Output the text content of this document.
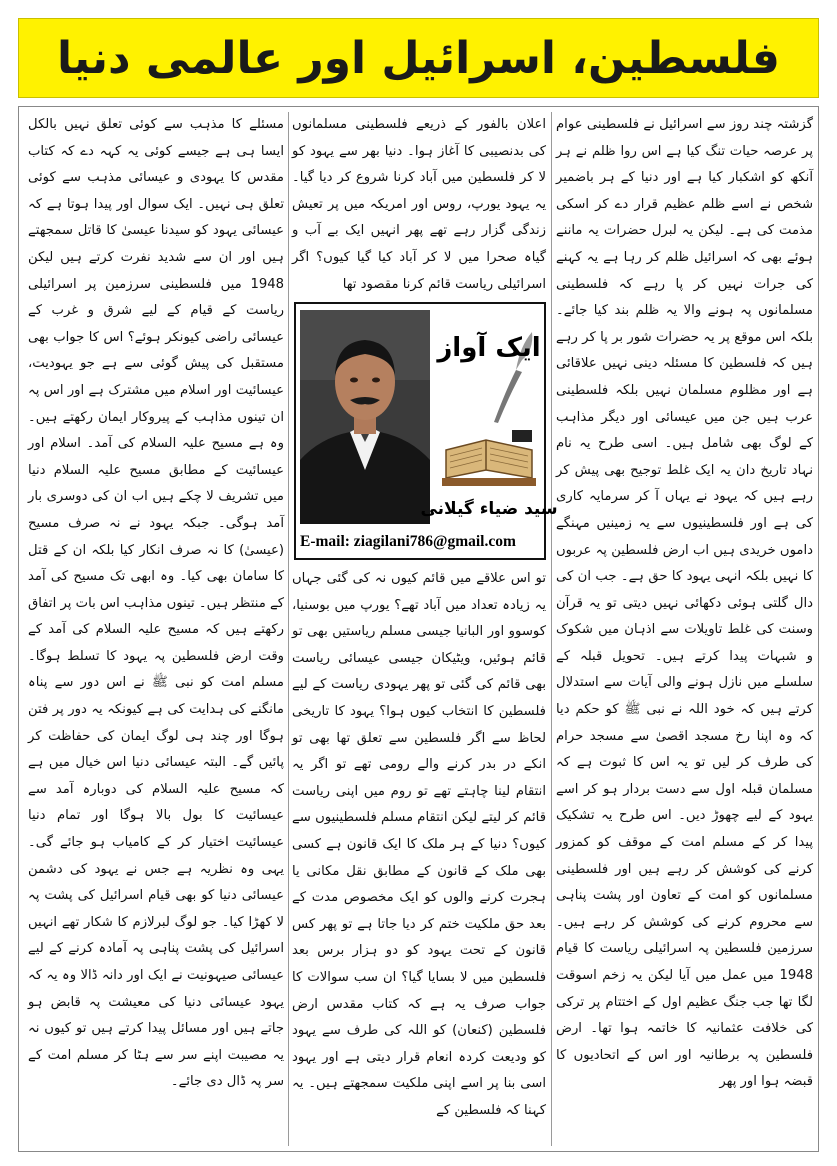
فلسطین، اسرائیل اور عالمی دنیا

گزشتہ چند روز سے اسرائیل نے فلسطینی عوام پر عرصہ حیات تنگ کیا ہے اس روا ظلم نے ہر آنکھ کو اشکبار کیا ہے اور دنیا کے ہر باضمیر شخص نے اسے ظلم عظیم قرار دے کر اسکی مذمت کی ہے۔ لیکن یہ لبرل حضرات یہ ماننے ہوئے بھی کہ اسرائیل ظلم کر رہا ہے یہ کہنے کی جرات نہیں کر پا رہے کہ فلسطینی مسلمانوں پہ ہونے والا یہ ظلم بند کیا جائے۔ بلکہ اس موقع پر یہ حضرات شور بر پا کر رہے ہیں کہ فلسطین کا مسئلہ دینی نہیں علاقائی ہے اور مظلوم مسلمان نہیں بلکہ فلسطینی عرب ہیں جن میں عیسائی اور دیگر مذاہب کے لوگ بھی شامل ہیں۔ اسی طرح یہ نام نہاد تاریخ دان یہ ایک غلط توجیح بھی پیش کر رہے ہیں کہ یہود نے یہاں آ کر سرمایہ کاری کی ہے اور فلسطینیوں سے یہ زمینیں مہنگے داموں خریدی ہیں اب ارض فلسطین پہ عربوں کا نہیں بلکہ انہی یہود کا حق ہے۔ جب ان کی دال گلتی ہوئی دکھائی نہیں دیتی تو یہ قرآن وسنت کی غلط تاویلات سے اذہان میں شکوک و شبہات پیدا کرتے ہیں۔ تحویل قبلہ کے سلسلے میں نازل ہونے والی آیات سے استدلال کرتے ہیں کہ خود اللہ نے نبی ﷺ کو حکم دیا کہ وہ اپنا رخ مسجد اقصیٰ سے مسجد حرام کی طرف کر لیں تو یہ اس کا ثبوت ہے کہ مسلمان قبلہ اول سے دست بردار ہو کر اسے یہود کے لیے چھوڑ دیں۔ اس طرح یہ تشکیک پیدا کر کے مسلم امت کے موقف کو کمزور کرنے کی کوشش کر رہے ہیں اور فلسطینی مسلمانوں کو امت کے تعاون اور پشت پناہی سے محروم کرنے کی کوشش کر رہے ہیں۔ سرزمین فلسطین پہ اسرائیلی ریاست کا قیام 1948 میں عمل میں آیا لیکن یہ زخم اسوقت لگا تھا جب جنگ عظیم اول کے اختتام پر ترکی کی خلافت عثمانیہ کا خاتمہ ہوا تھا۔ ارض فلسطین پہ برطانیہ اور اس کے اتحادیوں کا قبضہ ہوا اور پھر

اعلان بالفور کے ذریعے فلسطینی مسلمانوں کی بدنصیبی کا آغاز ہوا۔ دنیا بھر سے یہود کو لا کر فلسطین میں آباد کرنا شروع کر دیا گیا۔ یہ یہود یورپ، روس اور امریکہ میں پر تعیش زندگی گزار رہے تھے پھر انہیں ایک بے آب و گیاہ صحرا میں لا کر آباد کیا گیا کیوں؟ اگر اسرائیلی ریاست قائم کرنا مقصود تھا

ایک آواز
سید ضیاء گیلانی
E-mail: ziagilani786@gmail.com

تو اس علاقے میں قائم کیوں نہ کی گئی جہاں یہ زیادہ تعداد میں آباد تھے؟ یورپ میں بوسنیا، کوسوو اور البانیا جیسی مسلم ریاستیں بھی تو قائم ہوئیں، ویٹیکان جیسی عیسائی ریاست بھی قائم کی گئی تو پھر یہودی ریاست کے لیے فلسطین کا انتخاب کیوں ہوا؟ یہود کا تاریخی لحاظ سے اگر فلسطین سے تعلق تھا بھی تو انکے در بدر کرنے والے رومی تھے تو اگر یہ انتقام لینا چاہتے تھے تو روم میں اپنی ریاست قائم کر لیتے لیکن انتقام مسلم فلسطینیوں سے کیوں؟ دنیا کے ہر ملک کا ایک قانون ہے کسی بھی ملک کے قانون کے مطابق نقل مکانی یا ہجرت کرنے والوں کو ایک مخصوص مدت کے بعد حق ملکیت ختم کر دیا جاتا ہے تو پھر کس قانون کے تحت یہود کو دو ہزار برس بعد فلسطین میں لا بسایا گیا؟ ان سب سوالات کا جواب صرف یہ ہے کہ کتاب مقدس ارض فلسطین (کنعان) کو اللہ کی طرف سے یہود کو ودیعت کردہ انعام قرار دیتی ہے اور یہود اسی بنا پر اسے اپنی ملکیت سمجھتے ہیں۔ یہ کہنا کہ فلسطین کے

مسئلے کا مذہب سے کوئی تعلق نہیں بالکل ایسا ہی ہے جیسے کوئی یہ کہہ دے کہ کتاب مقدس کا یہودی و عیسائی مذہب سے کوئی تعلق ہی نہیں۔ ایک سوال اور پیدا ہوتا ہے کہ عیسائی یہود کو سیدنا عیسیٰ کا قاتل سمجھتے ہیں اور ان سے شدید نفرت کرتے ہیں لیکن 1948 میں فلسطینی سرزمین پر اسرائیلی ریاست کے قیام کے لیے شرق و غرب کے عیسائی راضی کیونکر ہوئے؟ اس کا جواب بھی مستقبل کی پیش گوئی سے ہے جو یہودیت، عیسائیت اور اسلام میں مشترک ہے اور اس پہ ان تینوں مذاہب کے پیروکار ایمان رکھتے ہیں۔ وہ ہے مسیح علیہ السلام کی آمد۔ اسلام اور عیسائیت کے مطابق مسیح علیہ السلام دنیا میں تشریف لا چکے ہیں اب ان کی دوسری بار آمد ہوگی۔ جبکہ یہود نے نہ صرف مسیح (عیسیٰ) کا نہ صرف انکار کیا بلکہ ان کے قتل کا سامان بھی کیا۔ وہ ابھی تک مسیح کی آمد کے منتظر ہیں۔ تینوں مذاہب اس بات پر اتفاق رکھتے ہیں کہ مسیح علیہ السلام کی آمد کے وقت ارض فلسطین پہ یہود کا تسلط ہوگا۔ مسلم امت کو نبی ﷺ نے اس دور سے پناہ مانگنے کی ہدایت کی ہے کیونکہ یہ دور پر فتن ہوگا اور چند ہی لوگ ایمان کی حفاظت کر پائیں گے۔ البتہ عیسائی دنیا اس خیال میں ہے کہ مسیح علیہ السلام کی دوبارہ آمد سے عیسائیت کا بول بالا ہوگا اور تمام دنیا عیسائیت اختیار کر کے کامیاب ہو جائے گی۔ یہی وہ نظریہ ہے جس نے یہود کی دشمن عیسائی دنیا کو بھی قیام اسرائیل کی پشت پہ لا کھڑا کیا۔ جو لوگ لبرلازم کا شکار تھے انہیں اسرائیل کی پشت پناہی پہ آمادہ کرنے کے لیے عیسائی صیہونیت نے ایک اور دانہ ڈالا وہ یہ کہ یہود عیسائی دنیا کی معیشت پہ قابض ہو جاتے ہیں اور مسائل پیدا کرتے ہیں تو کیوں نہ یہ مصیبت اپنے سر سے ہٹا کر مسلم امت کے سر پہ ڈال دی جائے۔
